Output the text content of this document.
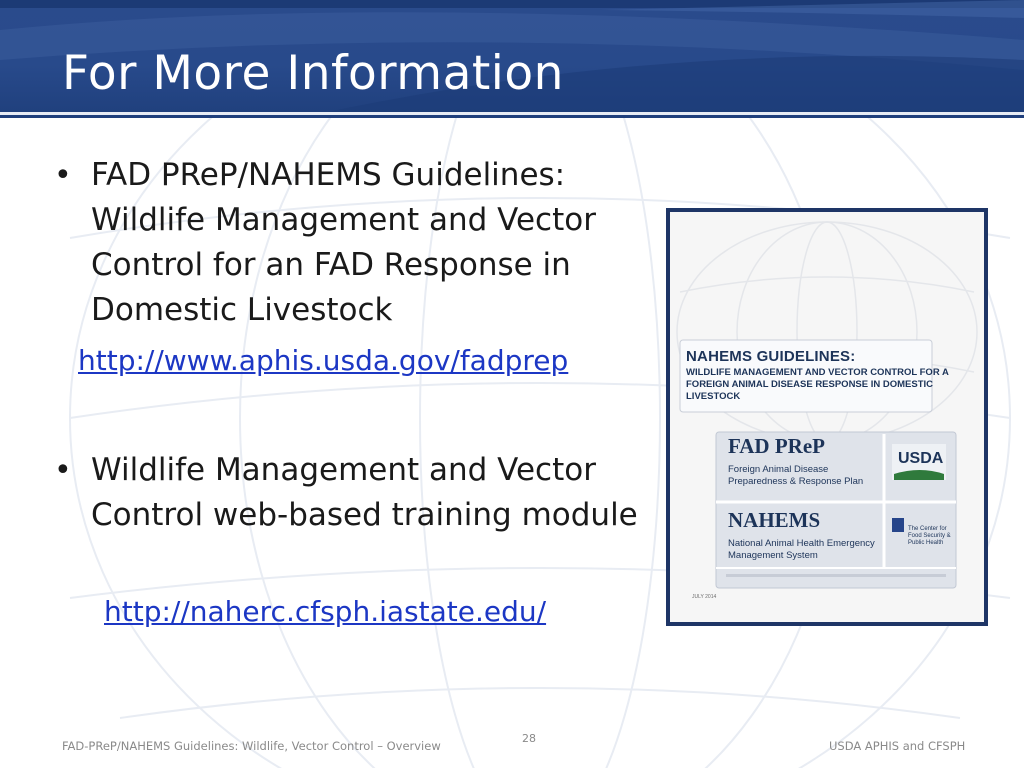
For More Information
• FAD PReP/NAHEMS Guidelines: Wildlife Management and Vector Control for an FAD Response in Domestic Livestock
http://www.aphis.usda.gov/fadprep
• Wildlife Management and Vector Control web-based training module
http://naherc.cfsph.iastate.edu/
NAHEMS GUIDELINES:
WILDLIFE MANAGEMENT AND VECTOR CONTROL FOR A FOREIGN ANIMAL DISEASE RESPONSE IN DOMESTIC LIVESTOCK
FAD PReP
Foreign Animal Disease Preparedness & Response Plan
NAHEMS
National Animal Health Emergency Management System
USDA
The Center for Food Security & Public Health
JULY 2014
FAD-PReP/NAHEMS Guidelines: Wildlife, Vector Control – Overview
28
USDA APHIS and CFSPH
